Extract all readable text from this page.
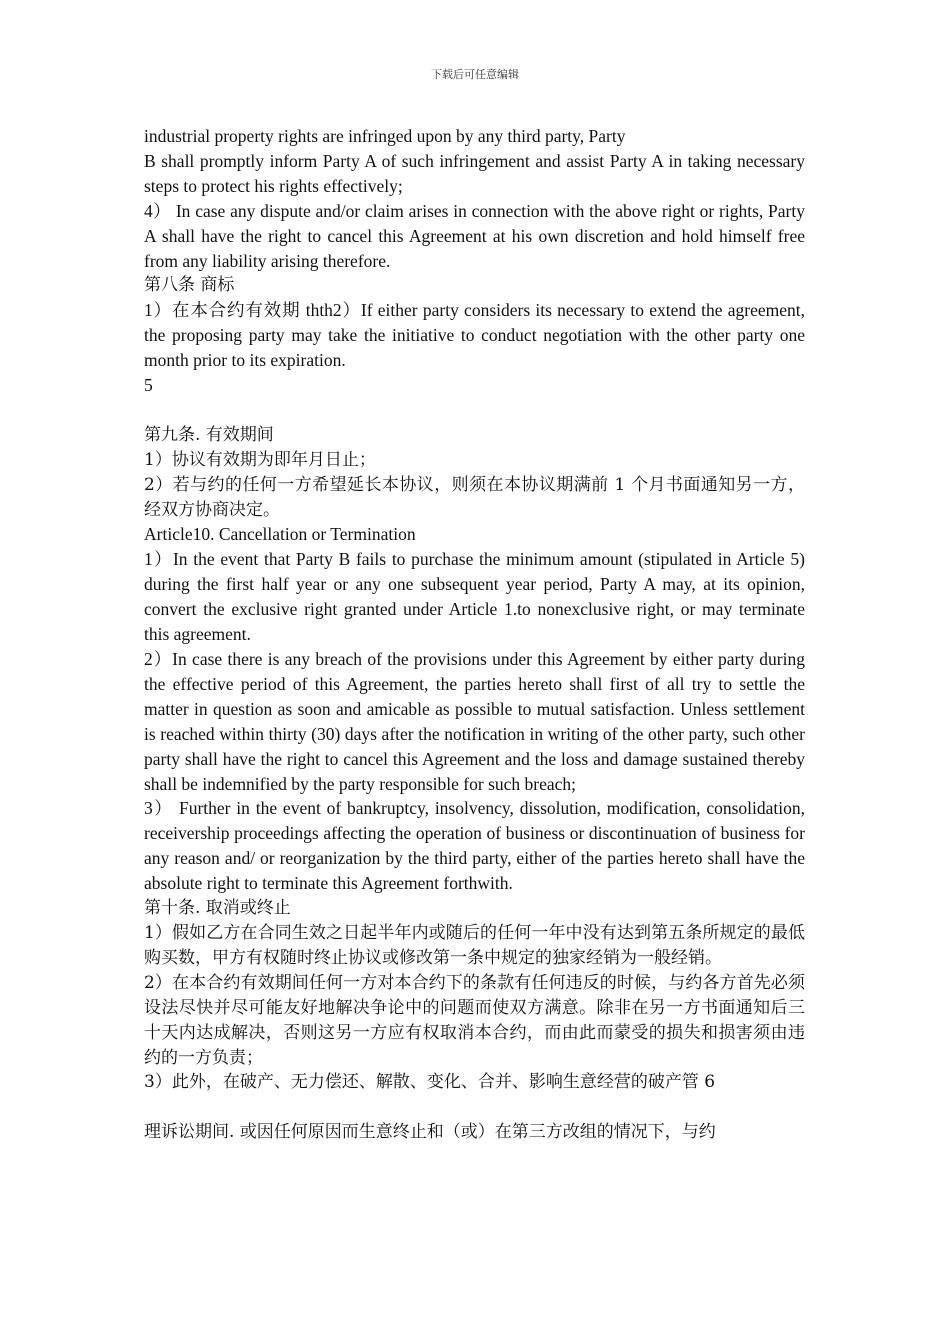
下载后可任意编辑

industrial property rights are infringed upon by any third party, Party

B shall promptly inform Party A of such infringement and assist Party A in taking necessary steps to protect his rights effectively;

4） In case any dispute and/or claim arises in connection with the above right or rights, Party A shall have the right to cancel this Agreement at his own discretion and hold himself free from any liability arising therefore.

第八条 商标

1）在本合约有效期 thth2）If either party considers its necessary to extend the agreement, the proposing party may take the initiative to conduct negotiation with the other party one month prior to its expiration.

5

第九条. 有效期间

1）协议有效期为即年月日止；

2）若与约的任何一方希望延长本协议，则须在本协议期满前 1 个月书面通知另一方，经双方协商决定。

Article10. Cancellation or Termination

1）In the event that Party B fails to purchase the minimum amount (stipulated in Article 5) during the first half year or any one subsequent year period, Party A may, at its opinion, convert the exclusive right granted under Article 1.to nonexclusive right, or may terminate this agreement.

2）In case there is any breach of the provisions under this Agreement by either party during the effective period of this Agreement, the parties hereto shall first of all try to settle the matter in question as soon and amicable as possible to mutual satisfaction. Unless settlement is reached within thirty (30) days after the notification in writing of the other party, such other party shall have the right to cancel this Agreement and the loss and damage sustained thereby shall be indemnified by the party responsible for such breach;

3） Further in the event of bankruptcy, insolvency, dissolution, modification, consolidation, receivership proceedings affecting the operation of business or discontinuation of business for any reason and/ or reorganization by the third party, either of the parties hereto shall have the absolute right to terminate this Agreement forthwith.

第十条. 取消或终止

1）假如乙方在合同生效之日起半年内或随后的任何一年中没有达到第五条所规定的最低购买数，甲方有权随时终止协议或修改第一条中规定的独家经销为一般经销。

2）在本合约有效期间任何一方对本合约下的条款有任何违反的时候，与约各方首先必须设法尽快并尽可能友好地解决争论中的问题而使双方满意。除非在另一方书面通知后三十天内达成解决，否则这另一方应有权取消本合约，而由此而蒙受的损失和损害须由违约的一方负责；

3）此外，在破产、无力偿还、解散、变化、合并、影响生意经营的破产管 6

理诉讼期间. 或因任何原因而生意终止和（或）在第三方改组的情况下，与约
